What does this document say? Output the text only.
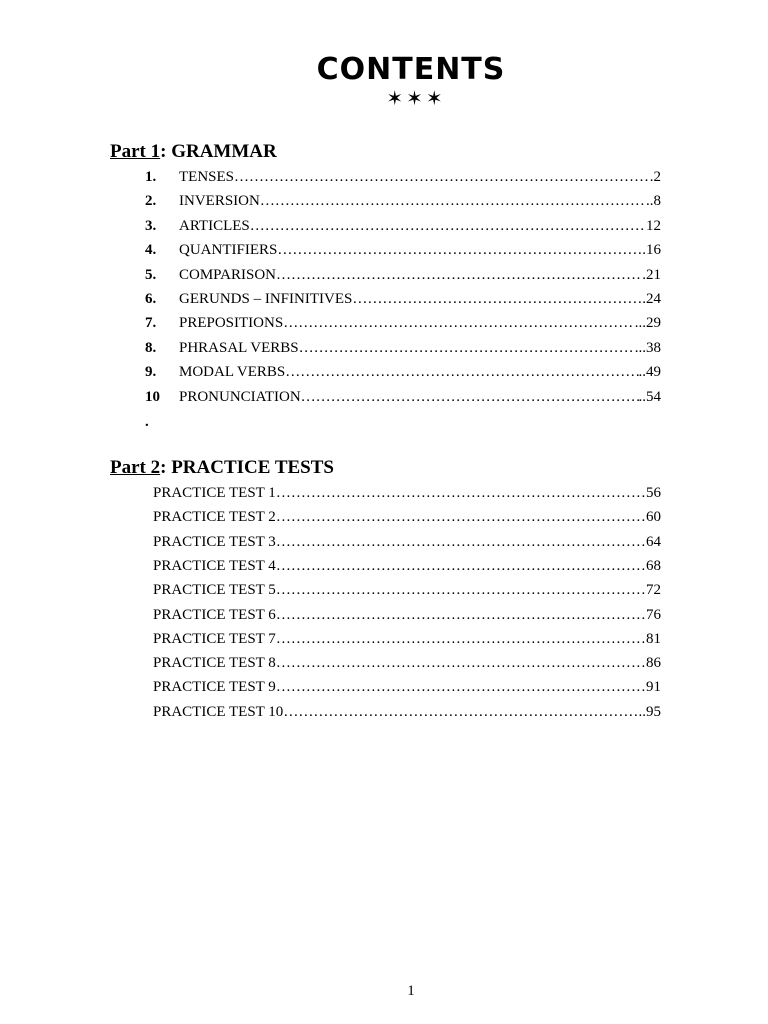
CONTENTS
✶✶✶
Part 1: GRAMMAR
1. TENSES ……………………………………………………………………………………………………………………………………………………	.2
2. INVERSION ……………………………………………………………………………………………………………………………………………………	..8
3. ARTICLES ……………………………………………………………………………………………………………………………………………………	12
4. QUANTIFIERS ……………………………………………………………………………………………………………………………………………………	.16
5. COMPARISON ……………………………………………………………………………………………………………………………………………………	.21
6. GERUNDS – INFINITIVES ……………………………………………………………………………………………………………………………………………………	.24
7. PREPOSITIONS ……………………………………………………………………………………………………………………………………………………	...29
8. PHRASAL VERBS ……………………………………………………………………………………………………………………………………………………	...38
9. MODAL VERBS ……………………………………………………………………………………………………………………………………………………	..49
10 PRONUNCIATION ……………………………………………………………………………………………………………………………………………………	..54
.
Part 2: PRACTICE TESTS
PRACTICE TEST 1 ……………………………………………………………………………………………………………………………………………………	56
PRACTICE TEST 2 ……………………………………………………………………………………………………………………………………………………	60
PRACTICE TEST 3 ……………………………………………………………………………………………………………………………………………………	64
PRACTICE TEST 4 ……………………………………………………………………………………………………………………………………………………	68
PRACTICE TEST 5 ……………………………………………………………………………………………………………………………………………………	72
PRACTICE TEST 6 ……………………………………………………………………………………………………………………………………………………	76
PRACTICE TEST 7 ……………………………………………………………………………………………………………………………………………………	81
PRACTICE TEST 8 ……………………………………………………………………………………………………………………………………………………	86
PRACTICE TEST 9 ……………………………………………………………………………………………………………………………………………………	91
PRACTICE TEST 10 ……………………………………………………………………………………………………………………………………………………	..95
1
